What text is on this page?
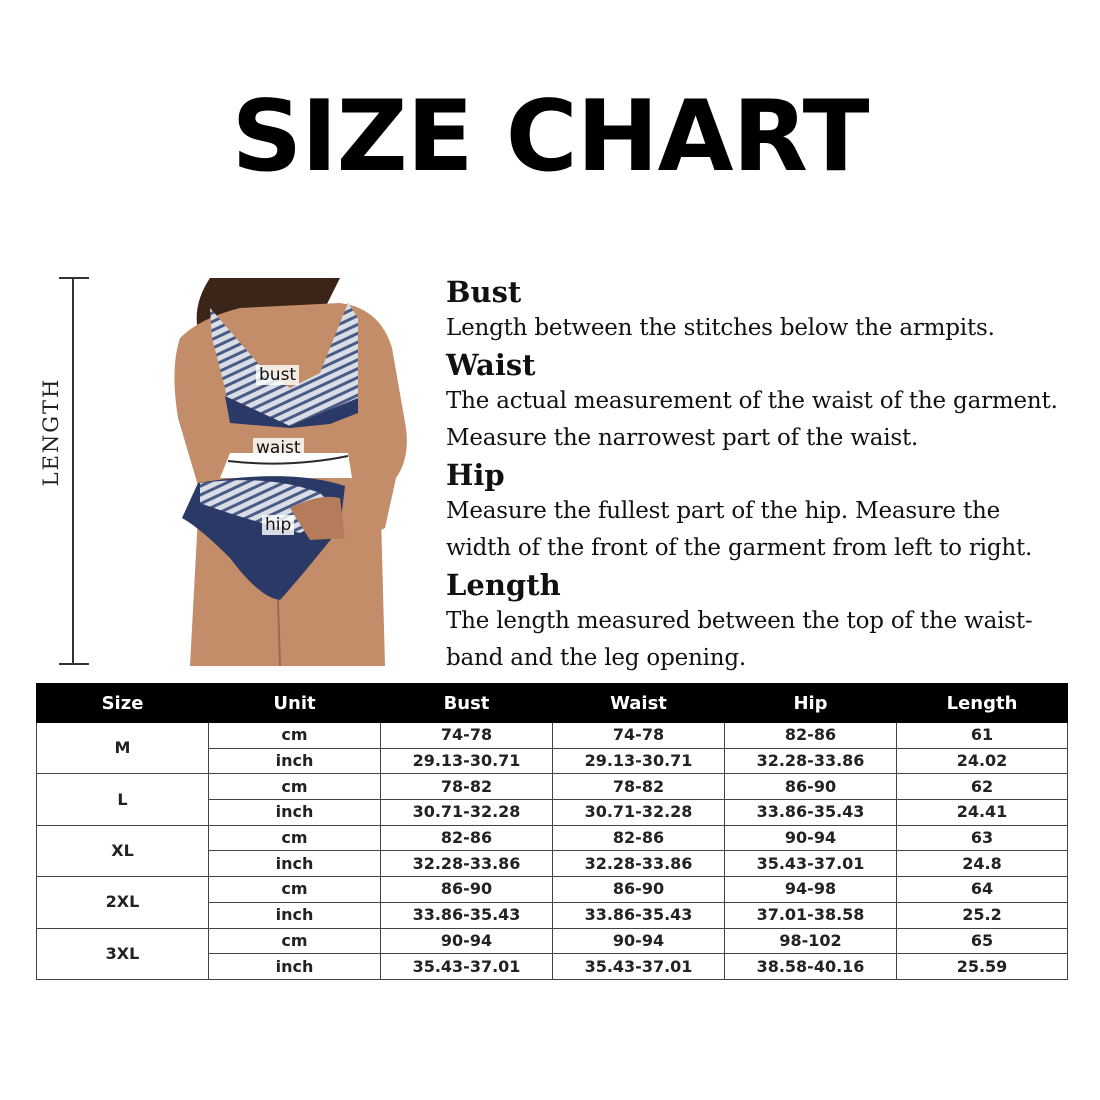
SIZE CHART
LENGTH
bust
waist
hip
Bust
Length between the stitches below the armpits.
Waist
The actual measurement of the waist of the garment.
Measure the narrowest part of the waist.
Hip
Measure the fullest part of the hip. Measure the
width of the front of the garment from left to right.
Length
The length measured between the top of the waist-
band and the leg opening.
Size	Unit	Bust	Waist	Hip	Length
M	cm	74-78	74-78	82-86	61
	inch	29.13-30.71	29.13-30.71	32.28-33.86	24.02
L	cm	78-82	78-82	86-90	62
	inch	30.71-32.28	30.71-32.28	33.86-35.43	24.41
XL	cm	82-86	82-86	90-94	63
	inch	32.28-33.86	32.28-33.86	35.43-37.01	24.8
2XL	cm	86-90	86-90	94-98	64
	inch	33.86-35.43	33.86-35.43	37.01-38.58	25.2
3XL	cm	90-94	90-94	98-102	65
	inch	35.43-37.01	35.43-37.01	38.58-40.16	25.59
